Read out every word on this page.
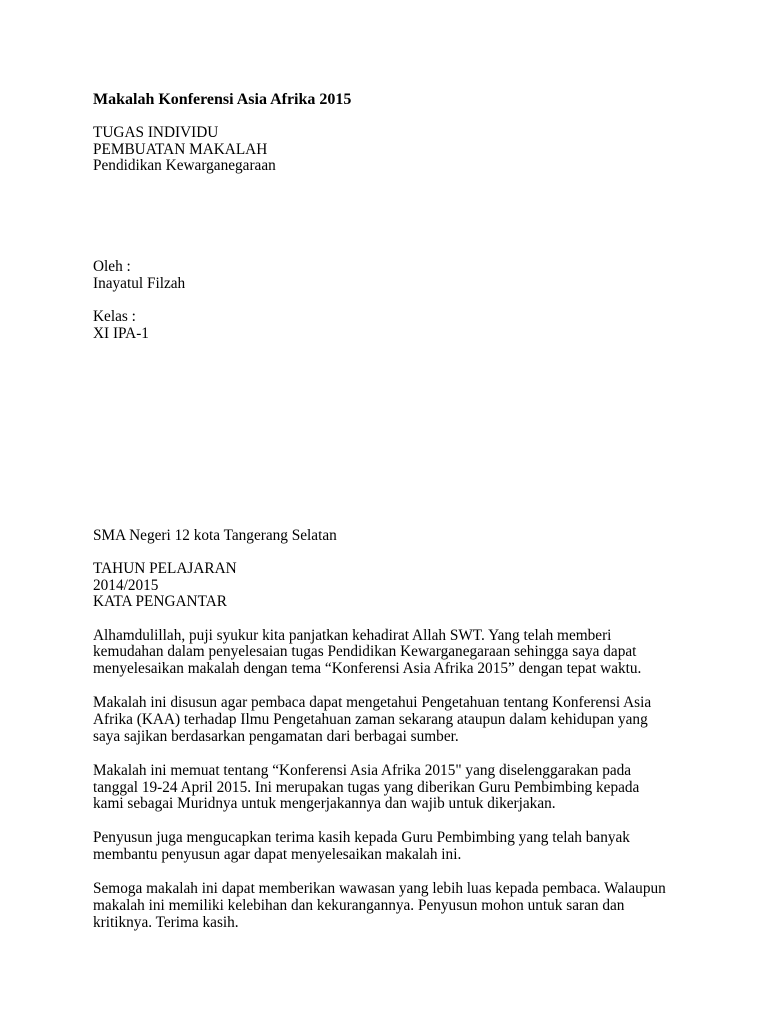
Makalah Konferensi Asia Afrika 2015
TUGAS INDIVIDU
PEMBUATAN MAKALAH
Pendidikan Kewarganegaraan
Oleh :
Inayatul Filzah
Kelas :
XI IPA-1
SMA Negeri 12 kota Tangerang Selatan
TAHUN PELAJARAN
2014/2015
KATA PENGANTAR
Alhamdulillah, puji syukur kita panjatkan kehadirat Allah SWT. Yang telah memberi
kemudahan dalam penyelesaian tugas Pendidikan Kewarganegaraan sehingga saya dapat
menyelesaikan makalah dengan tema “Konferensi Asia Afrika 2015” dengan tepat waktu.
Makalah ini disusun agar pembaca dapat mengetahui Pengetahuan tentang Konferensi Asia
Afrika (KAA) terhadap Ilmu Pengetahuan zaman sekarang ataupun dalam kehidupan yang
saya sajikan berdasarkan pengamatan dari berbagai sumber.
Makalah ini memuat tentang “Konferensi Asia Afrika 2015" yang diselenggarakan pada
tanggal 19-24 April 2015. Ini merupakan tugas yang diberikan Guru Pembimbing kepada
kami sebagai Muridnya untuk mengerjakannya dan wajib untuk dikerjakan.
Penyusun juga mengucapkan terima kasih kepada Guru Pembimbing yang telah banyak
membantu penyusun agar dapat menyelesaikan makalah ini.
Semoga makalah ini dapat memberikan wawasan yang lebih luas kepada pembaca. Walaupun
makalah ini memiliki kelebihan dan kekurangannya. Penyusun mohon untuk saran dan
kritiknya. Terima kasih.
